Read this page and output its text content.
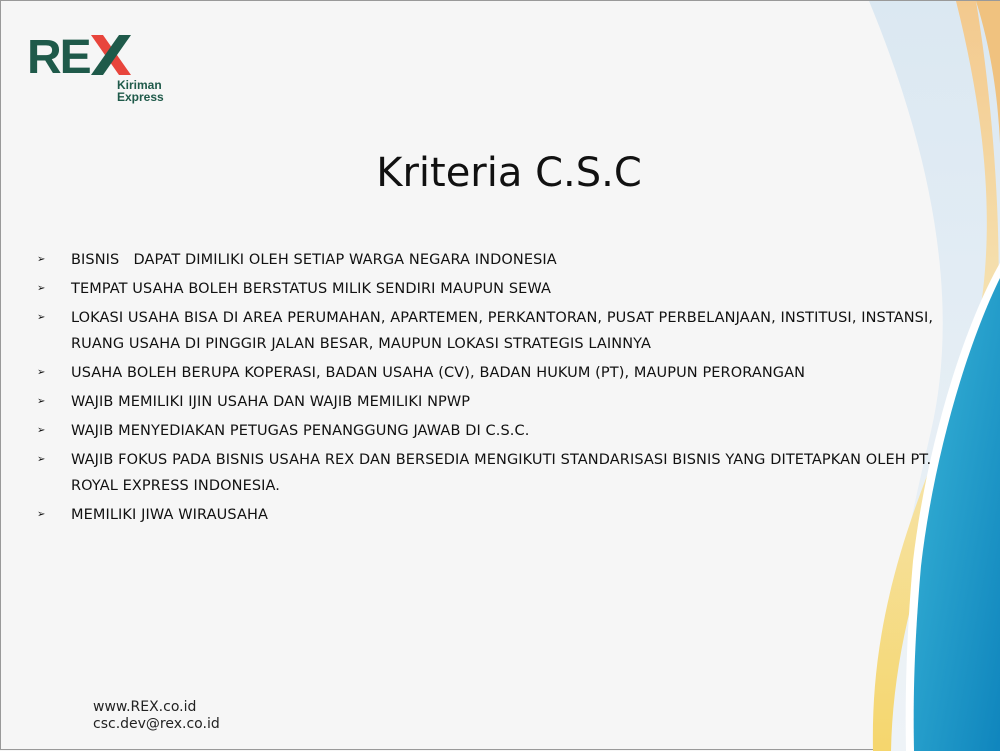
RE
Kiriman
Express
Kriteria C.S.C
➢ BISNIS   DAPAT DIMILIKI OLEH SETIAP WARGA NEGARA INDONESIA
➢ TEMPAT USAHA BOLEH BERSTATUS MILIK SENDIRI MAUPUN SEWA
➢ LOKASI USAHA BISA DI AREA PERUMAHAN, APARTEMEN, PERKANTORAN, PUSAT PERBELANJAAN, INSTITUSI, INSTANSI, RUANG USAHA DI PINGGIR JALAN BESAR, MAUPUN LOKASI STRATEGIS LAINNYA
➢ USAHA BOLEH BERUPA KOPERASI, BADAN USAHA (CV), BADAN HUKUM (PT), MAUPUN PERORANGAN
➢ WAJIB MEMILIKI IJIN USAHA DAN WAJIB MEMILIKI NPWP
➢ WAJIB MENYEDIAKAN PETUGAS PENANGGUNG JAWAB DI C.S.C.
➢ WAJIB FOKUS PADA BISNIS USAHA REX DAN BERSEDIA MENGIKUTI STANDARISASI BISNIS YANG DITETAPKAN OLEH PT. ROYAL EXPRESS INDONESIA.
➢ MEMILIKI JIWA WIRAUSAHA
www.REX.co.id
csc.dev@rex.co.id
